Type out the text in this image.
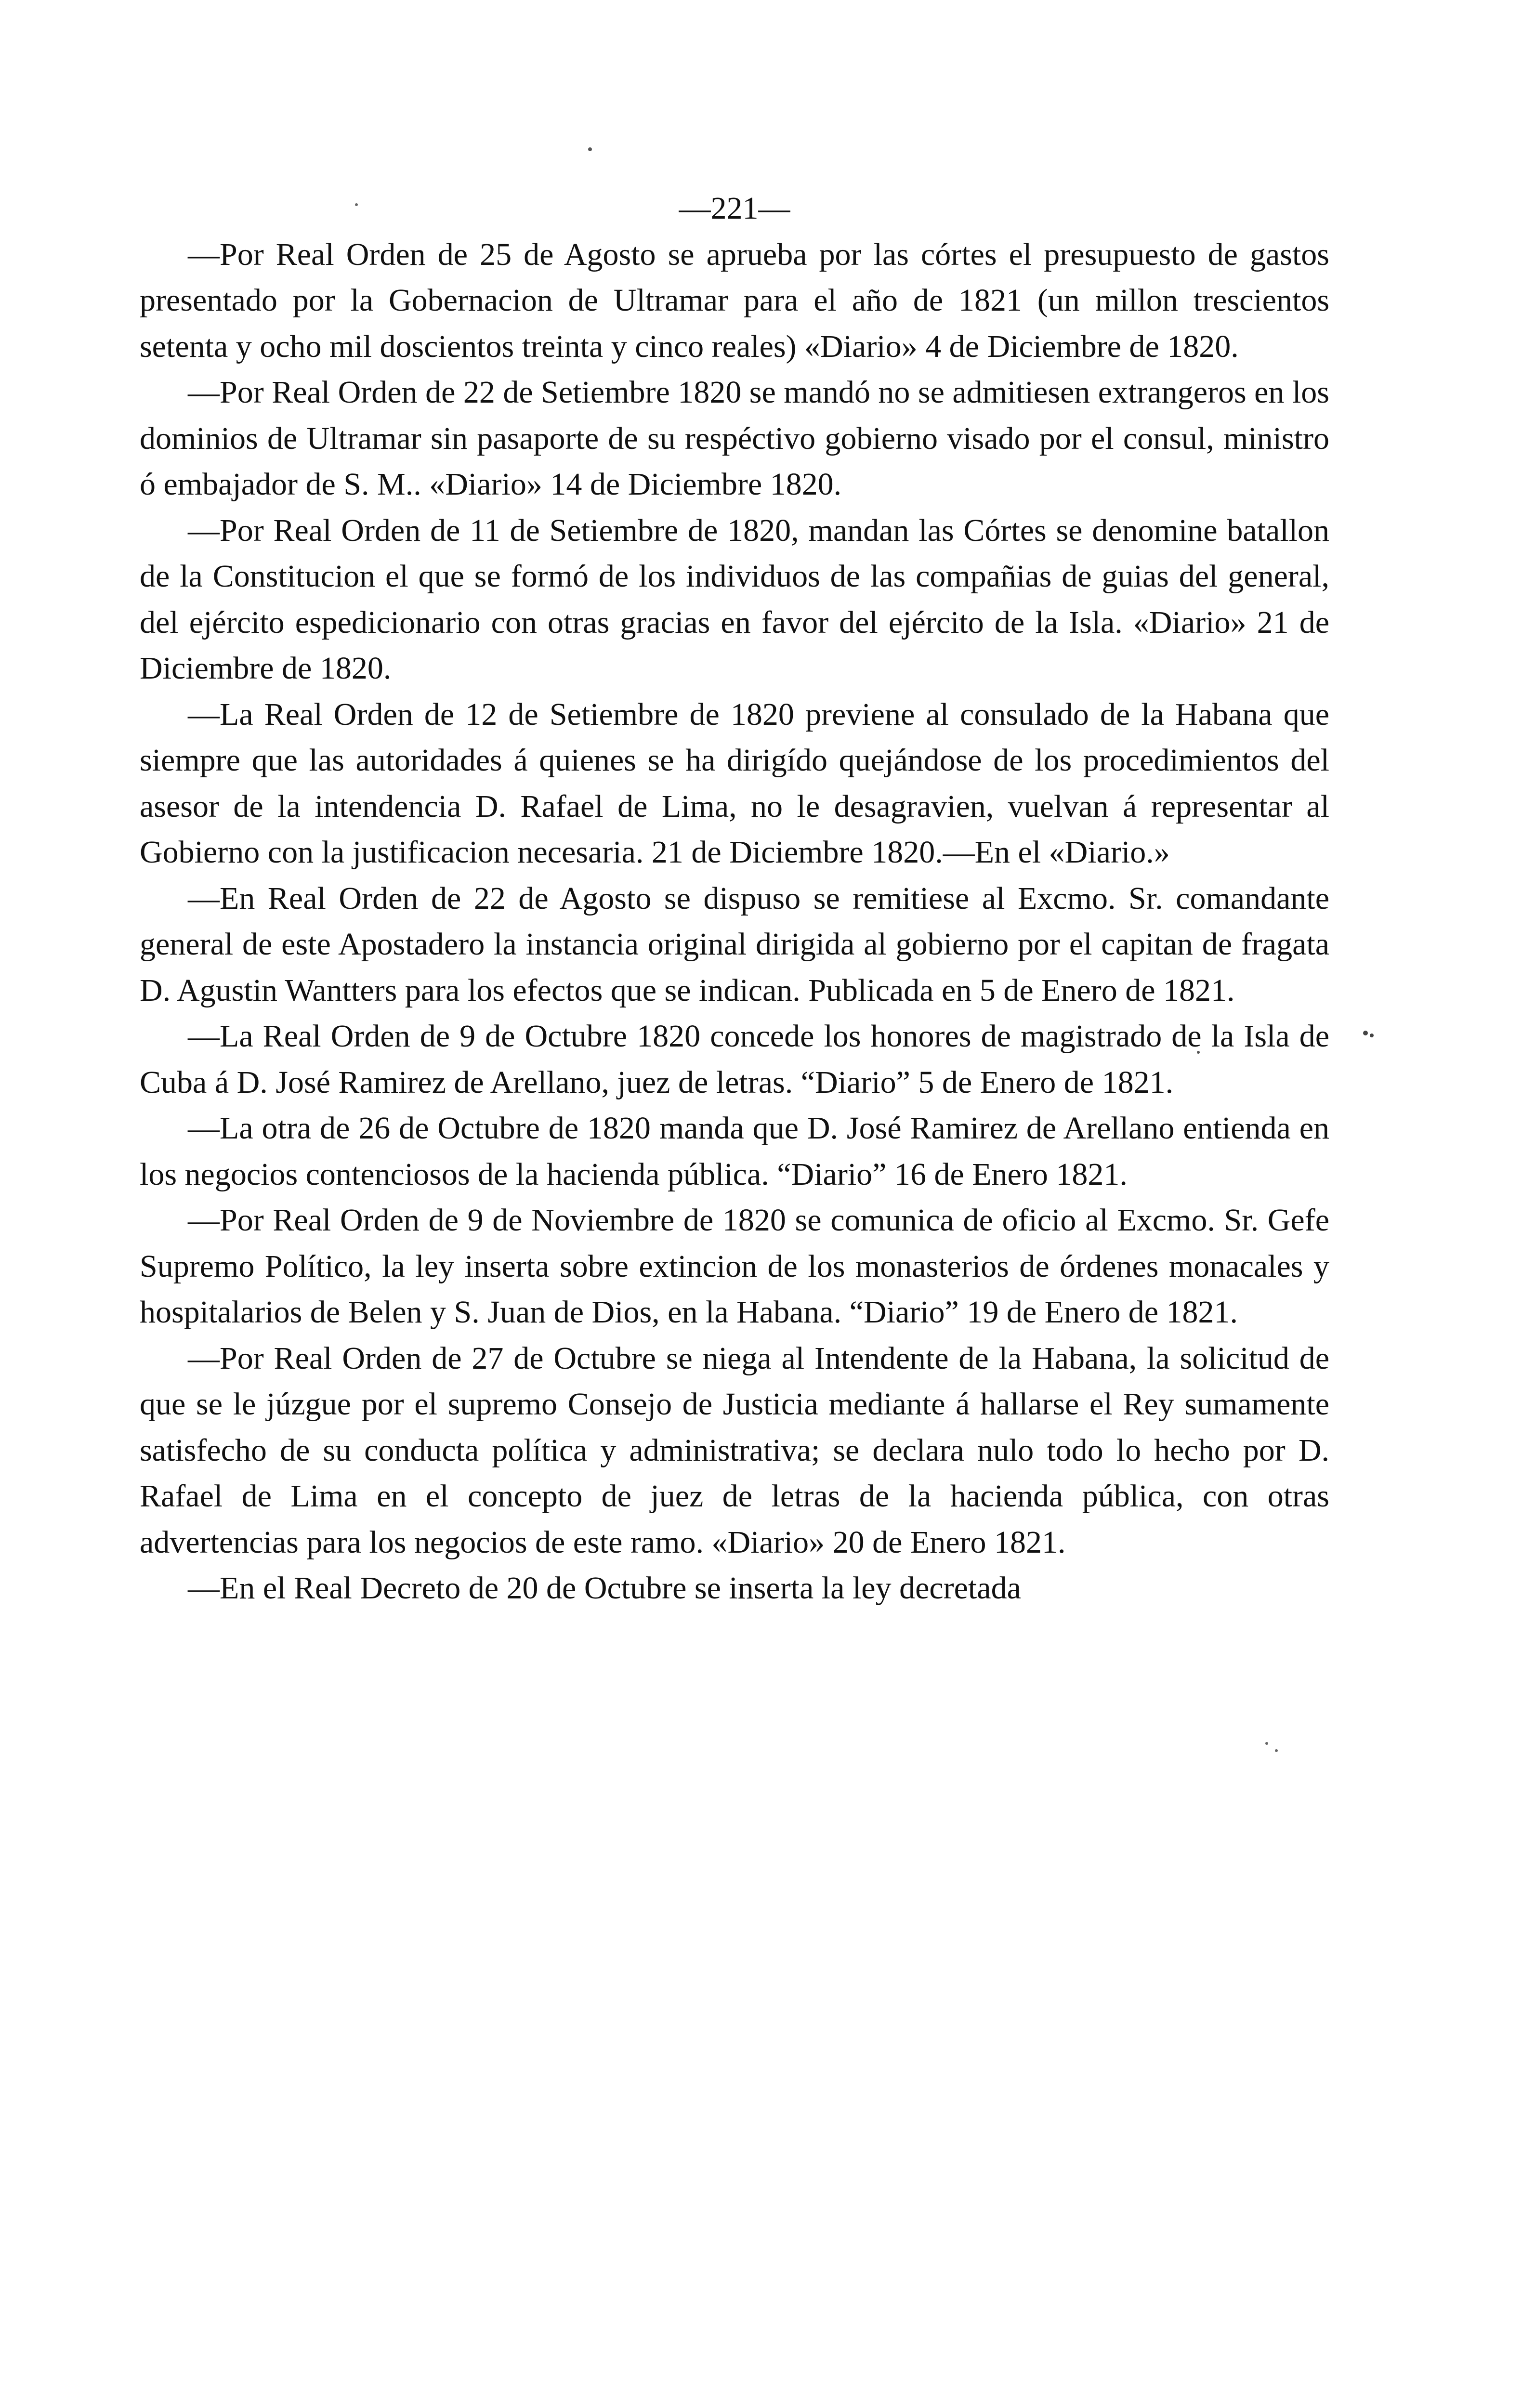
—221—

—Por Real Orden de 25 de Agosto se aprueba por las córtes el presupuesto de gastos presentado por la Gobernacion de Ultramar para el año de 1821 (un millon trescientos setenta y ocho mil doscientos treinta y cinco reales) «Diario» 4 de Diciembre de 1820.

—Por Real Orden de 22 de Setiembre 1820 se mandó no se admitiesen extrangeros en los dominios de Ultramar sin pasaporte de su respéctivo gobierno visado por el consul, ministro ó embajador de S. M.. «Diario» 14 de Diciembre 1820.

—Por Real Orden de 11 de Setiembre de 1820, mandan las Córtes se denomine batallon de la Constitucion el que se formó de los individuos de las compañias de guias del general, del ejército espedicionario con otras gracias en favor del ejército de la Isla. «Diario» 21 de Diciembre de 1820.

—La Real Orden de 12 de Setiembre de 1820 previene al consulado de la Habana que siempre que las autoridades á quienes se ha dirigído quejándose de los procedimientos del asesor de la intendencia D. Rafael de Lima, no le desagravien, vuelvan á representar al Gobierno con la justificacion necesaria. 21 de Diciembre 1820.—En el «Diario.»

—En Real Orden de 22 de Agosto se dispuso se remitiese al Excmo. Sr. comandante general de este Apostadero la instancia original dirigida al gobierno por el capitan de fragata D. Agustin Wantters para los efectos que se indican. Publicada en 5 de Enero de 1821.

—La Real Orden de 9 de Octubre 1820 concede los honores de magistrado de la Isla de Cuba á D. José Ramirez de Arellano, juez de letras. “Diario” 5 de Enero de 1821.

—La otra de 26 de Octubre de 1820 manda que D. José Ramirez de Arellano entienda en los negocios contenciosos de la hacienda pública. “Diario” 16 de Enero 1821.

—Por Real Orden de 9 de Noviembre de 1820 se comunica de oficio al Excmo. Sr. Gefe Supremo Político, la ley inserta sobre extincion de los monasterios de órdenes monacales y hospitalarios de Belen y S. Juan de Dios, en la Habana. “Diario” 19 de Enero de 1821.

—Por Real Orden de 27 de Octubre se niega al Intendente de la Habana, la solicitud de que se le júzgue por el supremo Consejo de Justicia mediante á hallarse el Rey sumamente satisfecho de su conducta política y administrativa; se declara nulo todo lo hecho por D. Rafael de Lima en el concepto de juez de letras de la hacienda pública, con otras advertencias para los negocios de este ramo. «Diario» 20 de Enero 1821.

—En el Real Decreto de 20 de Octubre se inserta la ley decretada
